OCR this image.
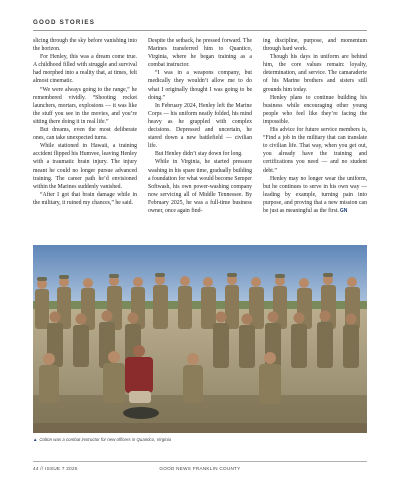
GOOD STORIES

slicing through the sky before vanishing into the horizon.

For Henley, this was a dream come true. A childhood filled with struggle and survival had morphed into a reality that, at times, felt almost cinematic.

“We were always going to the range,” he remembered vividly. “Shooting rocket launchers, mortars, explosions — it was like the stuff you see in the movies, and you’re sitting there doing it in real life.”

But dreams, even the most deliberate ones, can take unexpected turns.

While stationed in Hawaii, a training accident flipped his Humvee, leaving Henley with a traumatic brain injury. The injury meant he could no longer pursue advanced training. The career path he’d envisioned within the Marines suddenly vanished.

“After I got that brain damage while in the military, it ruined my chances,” he said.

Despite the setback, he pressed forward. The Marines transferred him to Quantico, Virginia, where he began training as a combat instructor.

“I was in a weapons company, but medically they wouldn’t allow me to do what I originally thought I was going to be doing.”

In February 2024, Henley left the Marine Corps — his uniform neatly folded, his mind heavy as he grappled with complex decisions. Depressed and uncertain, he stared down a new battlefield — civilian life.

But Henley didn’t stay down for long.

While in Virginia, he started pressure washing in his spare time, gradually building a foundation for what would become Semper Softwash, his own power-washing company now servicing all of Middle Tennessee. By February 2025, he was a full-time business owner, once again find-

ing discipline, purpose, and momentum through hard work.

Though his days in uniform are behind him, the core values remain: loyalty, determination, and service. The camaraderie of his Marine brothers and sisters still grounds him today.

Henley plans to continue building his business while encouraging other young people who feel like they’re facing the impossible.

His advice for future service members is, “Find a job in the military that can translate to civilian life. That way, when you get out, you already have the training and certifications you need — and no student debt.”

Henley may no longer wear the uniform, but he continues to serve in his own way — leading by example, turning pain into purpose, and proving that a new mission can be just as meaningful as the first.GN

▲ Colton was a combat instructor for new officers in Quantico, Virginia
44 // ISSUE 7 2025	GOOD NEWS FRANKLIN COUNTY
